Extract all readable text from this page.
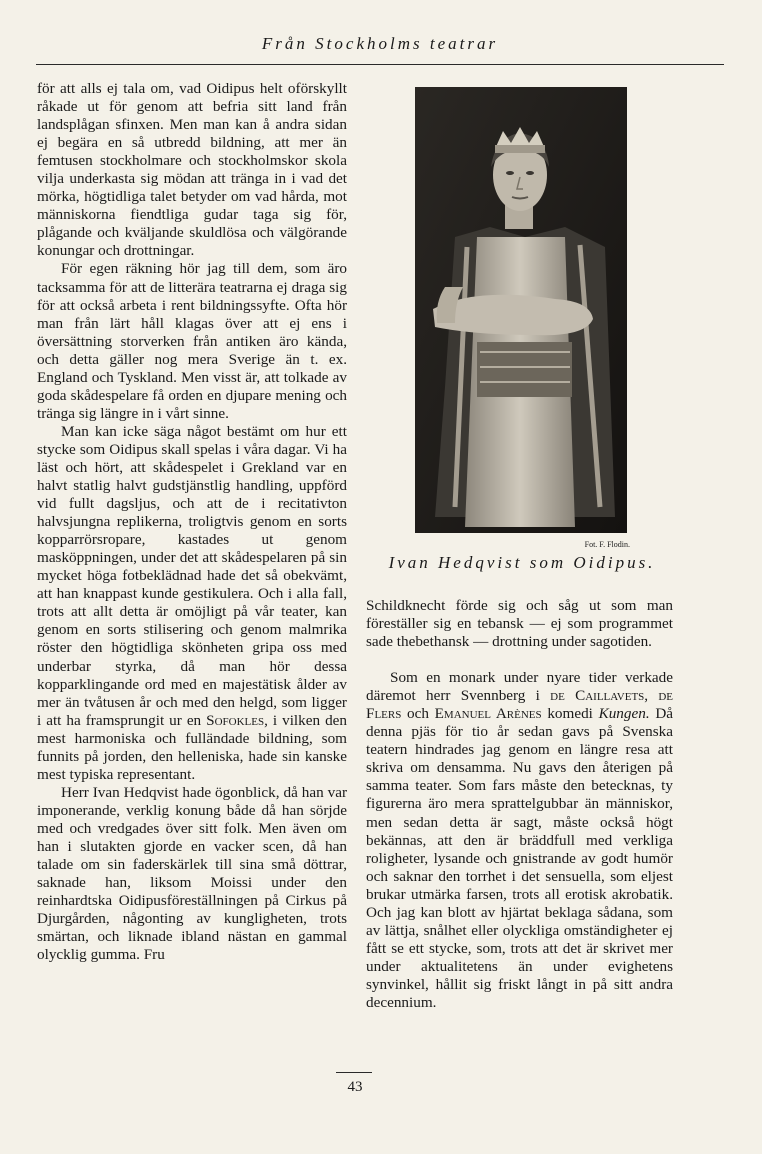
Från Stockholms teatrar

för att alls ej tala om, vad Oidipus helt oförskyllt råkade ut för genom att befria sitt land från landsplågan sfinxen. Men man kan å andra sidan ej begära en så utbredd bildning, att mer än femtusen stockholmare och stockholmskor skola vilja underkasta sig mödan att tränga in i vad det mörka, högtidliga talet betyder om vad hårda, mot människorna fiendtliga gudar taga sig för, plågande och kväljande skuldlösa och välgörande konungar och drottningar.

För egen räkning hör jag till dem, som äro tacksamma för att de litterära teatrarna ej draga sig för att också arbeta i rent bildningssyfte. Ofta hör man från lärt håll klagas över att ej ens i översättning storverken från antiken äro kända, och detta gäller nog mera Sverige än t. ex. England och Tyskland. Men visst är, att tolkade av goda skådespelare få orden en djupare mening och tränga sig längre in i vårt sinne.

Man kan icke säga något bestämt om hur ett stycke som Oidipus skall spelas i våra dagar. Vi ha läst och hört, att skådespelet i Grekland var en halvt statlig halvt gudstjänstlig handling, uppförd vid fullt dagsljus, och att de i recitativton halvsjungna replikerna, troligtvis genom en sorts kopparrörsropare, kastades ut genom masköppningen, under det att skådespelaren på sin mycket höga fotbeklädnad hade det så obekvämt, att han knappast kunde gestikulera. Och i alla fall, trots att allt detta är omöjligt på vår teater, kan genom en sorts stilisering och genom malmrika röster den högtidliga skönheten gripa oss med underbar styrka, då man hör dessa kopparklingande ord med en majestätisk ålder av mer än tvåtusen år och med den helgd, som ligger i att ha framsprungit ur en Sofokles, i vilken den mest harmoniska och fulländade bildning, som funnits på jorden, den helleniska, hade sin kanske mest typiska representant.

Herr Ivan Hedqvist hade ögonblick, då han var imponerande, verklig konung både då han sörjde med och vredgades över sitt folk. Men även om han i slutakten gjorde en vacker scen, då han talade om sin faderskärlek till sina små döttrar, saknade han, liksom Moissi under den reinhardtska Oidipusföreställningen på Cirkus på Djurgården, någonting av kungligheten, trots smärtan, och liknade ibland nästan en gammal olycklig gumma. Fru

Fot. F. Flodin.
Ivan Hedqvist som Oidipus.

Schildknecht förde sig och såg ut som man föreställer sig en tebansk — ej som programmet sade thebethansk — drottning under sagotiden.

Som en monark under nyare tider verkade däremot herr Svennberg i de Caillavets, de Flers och Emanuel Arènes komedi Kungen. Då denna pjäs för tio år sedan gavs på Svenska teatern hindrades jag genom en längre resa att skriva om densamma. Nu gavs den återigen på samma teater. Som fars måste den betecknas, ty figurerna äro mera sprattelgubbar än människor, men sedan detta är sagt, måste också högt bekännas, att den är bräddfull med verkliga roligheter, lysande och gnistrande av godt humör och saknar den torrhet i det sensuella, som eljest brukar utmärka farsen, trots all erotisk akrobatik. Och jag kan blott av hjärtat beklaga sådana, som av lättja, snålhet eller olyckliga omständigheter ej fått se ett stycke, som, trots att det är skrivet mer under aktualitetens än under evighetens synvinkel, hållit sig friskt långt in på sitt andra decennium.

43
